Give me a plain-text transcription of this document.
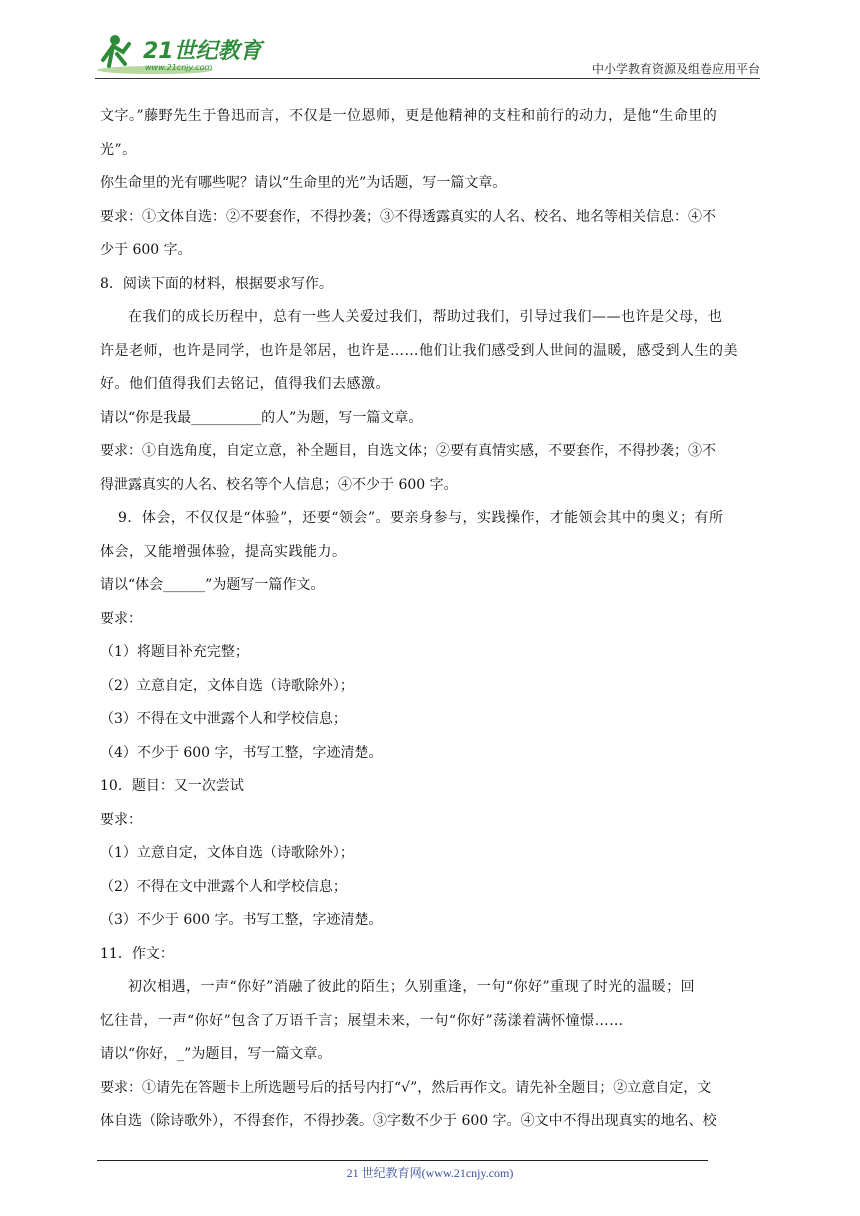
21世纪教育
www.21cnjy.com	中小学教育资源及组卷应用平台
文字。”藤野先生于鲁迅而言，不仅是一位恩师，更是他精神的支柱和前行的动力，是他“生命里的
光”。
你生命里的光有哪些呢？请以“生命里的光”为话题，写一篇文章。
要求：①文体自选：②不要套作，不得抄袭；③不得透露真实的人名、校名、地名等相关信息：④不
少于 600 字。
8．阅读下面的材料，根据要求写作。
在我们的成长历程中，总有一些人关爱过我们，帮助过我们，引导过我们——也许是父母，也
许是老师，也许是同学，也许是邻居，也许是……他们让我们感受到人世间的温暖，感受到人生的美
好。他们值得我们去铭记，值得我们去感激。
请以“你是我最__________的人”为题，写一篇文章。
要求：①自选角度，自定立意，补全题目，自选文体；②要有真情实感，不要套作，不得抄袭；③不
得泄露真实的人名、校名等个人信息；④不少于 600 字。
9．体会，不仅仅是“体验”，还要“领会”。要亲身参与，实践操作，才能领会其中的奥义；有所
体会，又能增强体验，提高实践能力。
请以“体会______”为题写一篇作文。
要求：
（1）将题目补充完整；
（2）立意自定，文体自选（诗歌除外）；
（3）不得在文中泄露个人和学校信息；
（4）不少于 600 字，书写工整，字迹清楚。
10．题目：又一次尝试
要求：
（1）立意自定，文体自选（诗歌除外）；
（2）不得在文中泄露个人和学校信息；
（3）不少于 600 字。书写工整，字迹清楚。
11．作文：
初次相遇，一声“你好”消融了彼此的陌生；久别重逢，一句“你好”重现了时光的温暖；回
忆往昔，一声“你好”包含了万语千言；展望未来，一句“你好”荡漾着满怀憧憬……
请以“你好，_”为题目，写一篇文章。
要求：①请先在答题卡上所选题号后的括号内打“√”，然后再作文。请先补全题目；②立意自定，文
体自选（除诗歌外），不得套作，不得抄袭。③字数不少于 600 字。④文中不得出现真实的地名、校
21 世纪教育网(www.21cnjy.com)
